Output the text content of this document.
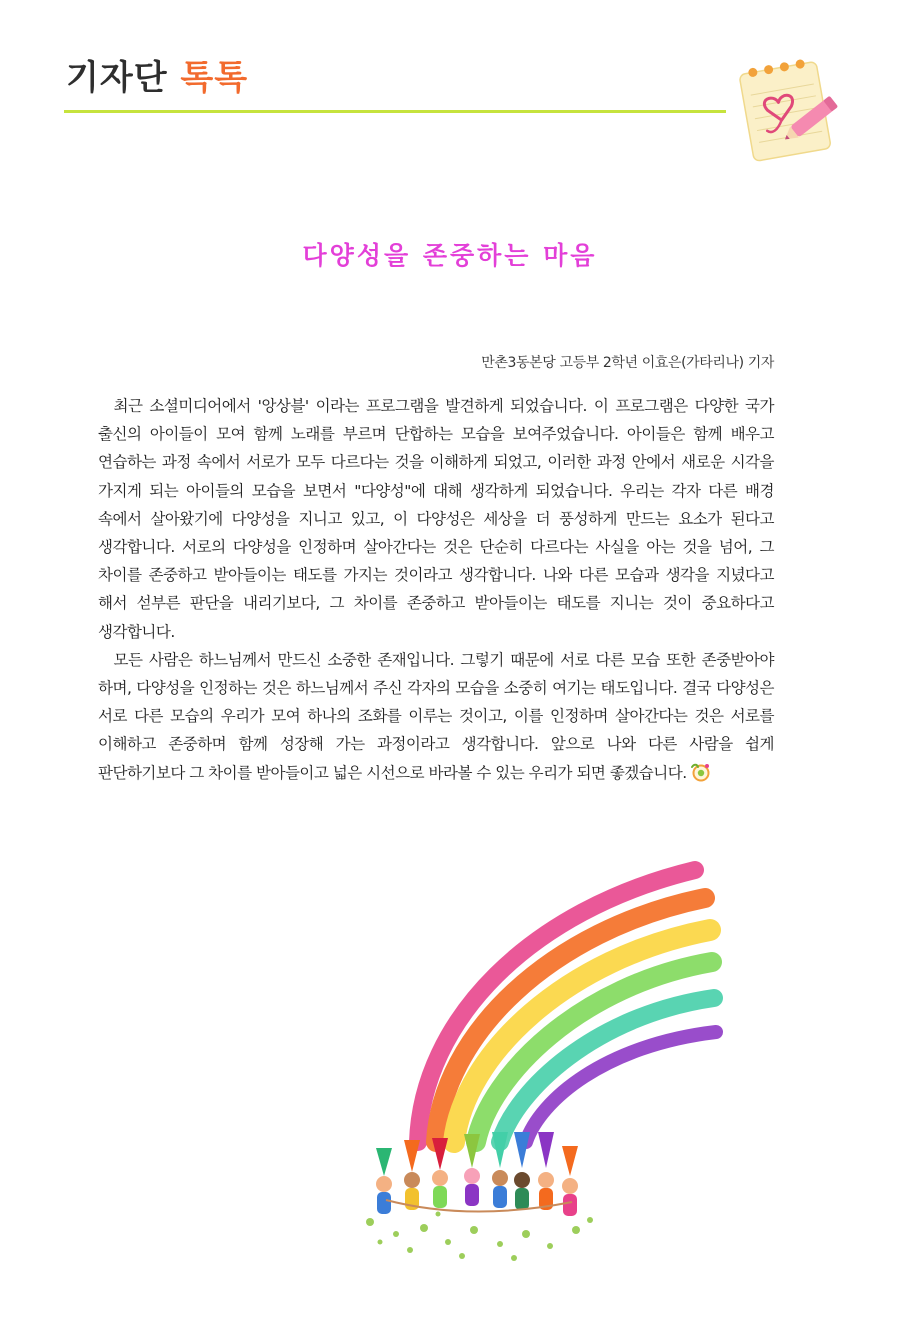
기자단 톡톡
다양성을 존중하는 마음
만촌3동본당 고등부 2학년 이효은(가타리나) 기자

최근 소셜미디어에서 '앙상블' 이라는 프로그램을 발견하게 되었습니다. 이 프로그램은 다양한 국가 출신의 아이들이 모여 함께 노래를 부르며 단합하는 모습을 보여주었습니다. 아이들은 함께 배우고 연습하는 과정 속에서 서로가 모두 다르다는 것을 이해하게 되었고, 이러한 과정 안에서 새로운 시각을 가지게 되는 아이들의 모습을 보면서 "다양성"에 대해 생각하게 되었습니다. 우리는 각자 다른 배경 속에서 살아왔기에 다양성을 지니고 있고, 이 다양성은 세상을 더 풍성하게 만드는 요소가 된다고 생각합니다. 서로의 다양성을 인정하며 살아간다는 것은 단순히 다르다는 사실을 아는 것을 넘어, 그 차이를 존중하고 받아들이는 태도를 가지는 것이라고 생각합니다. 나와 다른 모습과 생각을 지녔다고 해서 섣부른 판단을 내리기보다, 그 차이를 존중하고 받아들이는 태도를 지니는 것이 중요하다고 생각합니다.

모든 사람은 하느님께서 만드신 소중한 존재입니다. 그렇기 때문에 서로 다른 모습 또한 존중받아야 하며, 다양성을 인정하는 것은 하느님께서 주신 각자의 모습을 소중히 여기는 태도입니다. 결국 다양성은 서로 다른 모습의 우리가 모여 하나의 조화를 이루는 것이고, 이를 인정하며 살아간다는 것은 서로를 이해하고 존중하며 함께 성장해 가는 과정이라고 생각합니다. 앞으로 나와 다른 사람을 쉽게 판단하기보다 그 차이를 받아들이고 넓은 시선으로 바라볼 수 있는 우리가 되면 좋겠습니다.
